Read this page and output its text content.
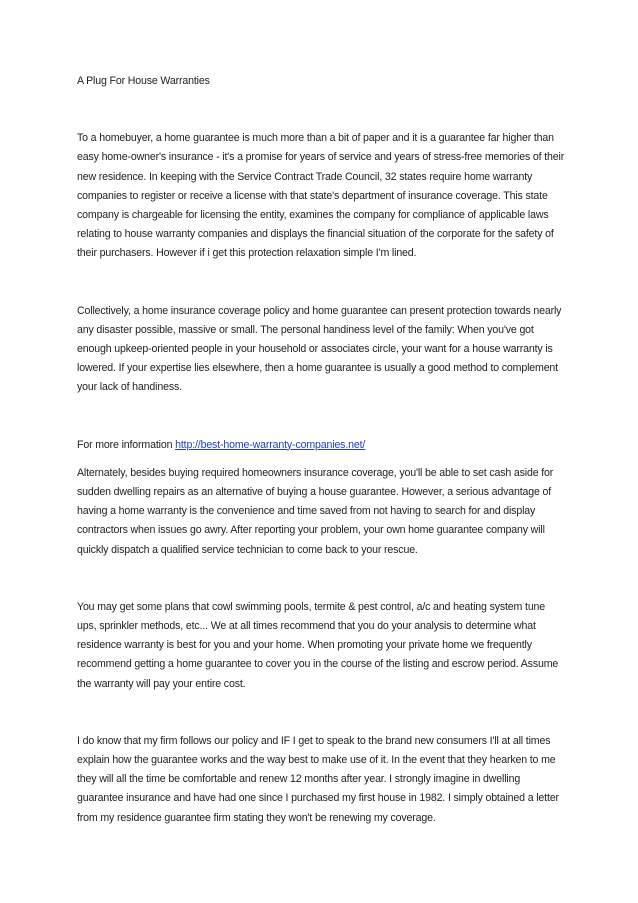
A Plug For House Warranties

To a homebuyer, a home guarantee is much more than a bit of paper and it is a guarantee far higher than easy home-owner's insurance - it's a promise for years of service and years of stress-free memories of their new residence. In keeping with the Service Contract Trade Council, 32 states require home warranty companies to register or receive a license with that state's department of insurance coverage. This state company is chargeable for licensing the entity, examines the company for compliance of applicable laws relating to house warranty companies and displays the financial situation of the corporate for the safety of their purchasers. However if i get this protection relaxation simple I'm lined.

Collectively, a home insurance coverage policy and home guarantee can present protection towards nearly any disaster possible, massive or small. The personal handiness level of the family: When you've got enough upkeep-oriented people in your household or associates circle, your want for a house warranty is lowered. If your expertise lies elsewhere, then a home guarantee is usually a good method to complement your lack of handiness.

For more information http://best-home-warranty-companies.net/

Alternately, besides buying required homeowners insurance coverage, you'll be able to set cash aside for sudden dwelling repairs as an alternative of buying a house guarantee. However, a serious advantage of having a home warranty is the convenience and time saved from not having to search for and display contractors when issues go awry. After reporting your problem, your own home guarantee company will quickly dispatch a qualified service technician to come back to your rescue.

You may get some plans that cowl swimming pools, termite & pest control, a/c and heating system tune ups, sprinkler methods, etc... We at all times recommend that you do your analysis to determine what residence warranty is best for you and your home. When promoting your private home we frequently recommend getting a home guarantee to cover you in the course of the listing and escrow period. Assume the warranty will pay your entire cost.

I do know that my firm follows our policy and IF I get to speak to the brand new consumers I'll at all times explain how the guarantee works and the way best to make use of it. In the event that they hearken to me they will all the time be comfortable and renew 12 months after year. I strongly imagine in dwelling guarantee insurance and have had one since I purchased my first house in 1982. I simply obtained a letter from my residence guarantee firm stating they won't be renewing my coverage.
